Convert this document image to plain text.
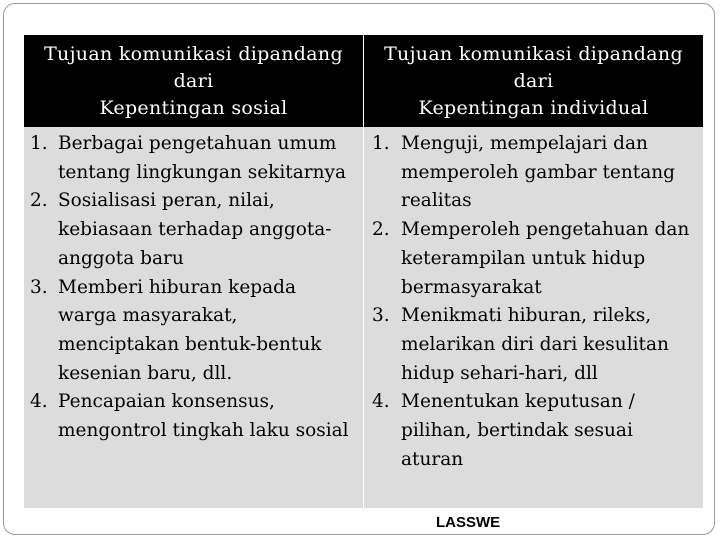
Tujuan komunikasi dipandang
dari
Kepentingan sosial
Tujuan komunikasi dipandang
dari
Kepentingan individual
1. Berbagai pengetahuan umum tentang lingkungan sekitarnya
2. Sosialisasi peran, nilai, kebiasaan terhadap anggota-anggota baru
3. Memberi hiburan kepada warga masyarakat, menciptakan bentuk-bentuk kesenian baru, dll.
4. Pencapaian konsensus, mengontrol tingkah laku sosial
1. Menguji, mempelajari dan memperoleh gambar tentang realitas
2. Memperoleh pengetahuan dan keterampilan untuk hidup bermasyarakat
3. Menikmati hiburan, rileks, melarikan diri dari kesulitan hidup sehari-hari, dll
4. Menentukan keputusan / pilihan, bertindak sesuai aturan
LASSWE
